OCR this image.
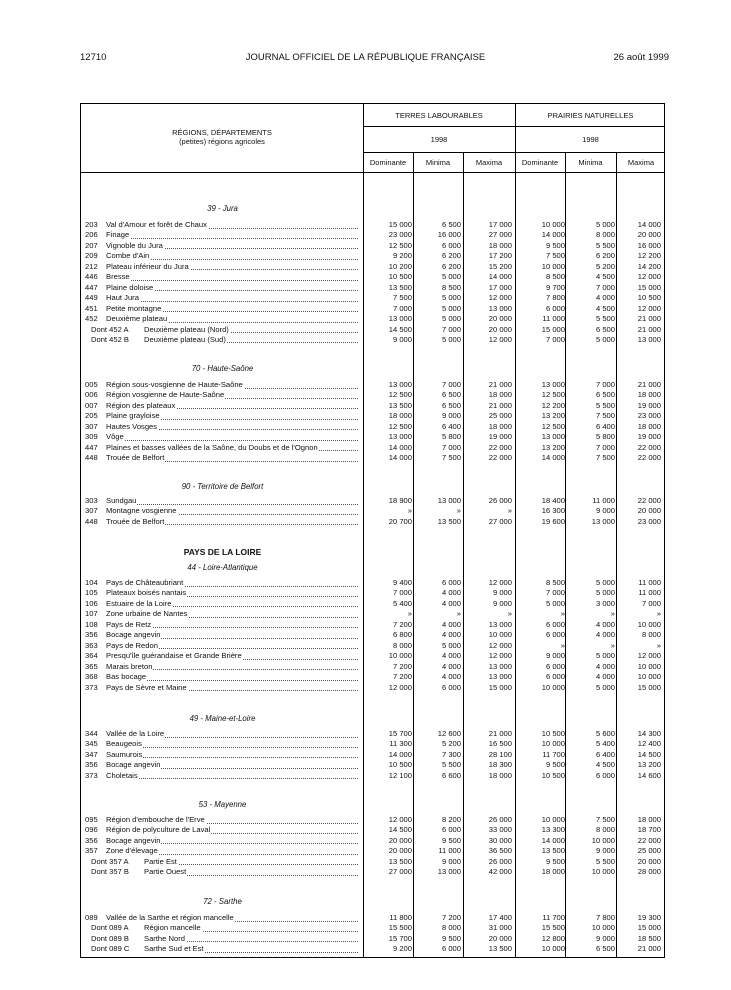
12710	JOURNAL OFFICIEL DE LA RÉPUBLIQUE FRANÇAISE	26 août 1999
RÉGIONS, DÉPARTEMENTS
(petites) régions agricoles
TERRES LABOURABLES	PRAIRIES NATURELLES
1998	1998
Dominante	Minima	Maxima	Dominante	Minima	Maxima
39 - Jura
203	Val d'Amour et forêt de Chaux	15 000	6 500	17 000	10 000	5 000	14 000
206	Finage	23 000	16 000	27 000	14 000	8 000	20 000
207	Vignoble du Jura	12 500	6 000	18 000	9 500	5 500	16 000
209	Combe d'Ain	9 200	6 200	17 200	7 500	6 200	12 200
212	Plateau inférieur du Jura	10 200	6 200	15 200	10 000	5 200	14 200
446	Bresse	10 500	5 000	14 000	8 500	4 500	12 000
447	Plaine doloise	13 500	8 500	17 000	9 700	7 000	15 000
449	Haut Jura	7 500	5 000	12 000	7 800	4 000	10 500
451	Petite montagne	7 000	5 000	13 000	6 000	4 500	12 000
452	Deuxième plateau	13 000	5 000	20 000	11 000	5 500	21 000
Dont 452 A	Deuxième plateau (Nord)	14 500	7 000	20 000	15 000	6 500	21 000
Dont 452 B	Deuxième plateau (Sud)	9 000	5 000	12 000	7 000	5 000	13 000
70 - Haute-Saône
005	Région sous-vosgienne de Haute-Saône	13 000	7 000	21 000	13 000	7 000	21 000
006	Région vosgienne de Haute-Saône	12 500	6 500	18 000	12 500	6 500	18 000
007	Région des plateaux	13 500	6 500	21 000	12 200	5 500	19 000
205	Plaine grayloise	18 000	9 000	25 000	13 200	7 500	23 000
307	Hautes Vosges	12 500	6 400	18 000	12 500	6 400	18 000
309	Vôge	13 000	5 800	19 000	13 000	5 800	19 000
447	Plaines et basses vallées de la Saône, du Doubs et de l'Ognon	14 000	7 000	22 000	13 200	7 000	22 000
448	Trouée de Belfort	14 000	7 500	22 000	14 000	7 500	22 000
90 - Territoire de Belfort
303	Sundgau	18 900	13 000	26 000	18 400	11 000	22 000
307	Montagne vosgienne	»	»	»	16 300	9 000	20 000
448	Trouée de Belfort	20 700	13 500	27 000	19 600	13 000	23 000
PAYS DE LA LOIRE
44 - Loire-Atlantique
104	Pays de Châteaubriant	9 400	6 000	12 000	8 500	5 000	11 000
105	Plateaux boisés nantais	7 000	4 000	9 000	7 000	5 000	11 000
106	Estuaire de la Loire	5 400	4 000	9 000	5 000	3 000	7 000
107	Zone urbaine de Nantes	»	»	»	»	»	»
108	Pays de Retz	7 200	4 000	13 000	6 000	4 000	10 000
356	Bocage angevin	6 800	4 000	10 000	6 000	4 000	8 000
363	Pays de Redon	8 000	5 000	12 000	»	»	»
364	Presqu'île guérandaise et Grande Brière	10 000	4 000	12 000	9 000	5 000	12 000
365	Marais breton	7 200	4 000	13 000	6 000	4 000	10 000
368	Bas bocage	7 200	4 000	13 000	6 000	4 000	10 000
373	Pays de Sèvre et Maine	12 000	6 000	15 000	10 000	5 000	15 000
49 - Maine-et-Loire
344	Vallée de la Loire	15 700	12 600	21 000	10 500	5 600	14 300
345	Beaugeois	11 300	5 200	16 500	10 000	5 400	12 400
347	Saumurois	14 000	7 300	28 100	11 700	6 400	14 500
356	Bocage angevin	10 500	5 500	18 300	9 500	4 500	13 200
373	Choletais	12 100	6 600	18 000	10 500	6 000	14 600
53 - Mayenne
095	Région d'embouche de l'Erve	12 000	8 200	26 000	10 000	7 500	18 000
096	Région de polyculture de Laval	14 500	6 000	33 000	13 300	8 000	18 700
356	Bocage angevin	20 000	9 500	30 000	14 000	10 000	22 000
357	Zone d'élevage	20 000	11 000	36 500	13 500	9 000	25 000
Dont 357 A	Partie Est	13 500	9 000	26 000	9 500	5 500	20 000
Dont 357 B	Partie Ouest	27 000	13 000	42 000	18 000	10 000	28 000
72 - Sarthe
089	Vallée de la Sarthe et région mancelle	11 800	7 200	17 400	11 700	7 800	19 300
Dont 089 A	Région mancelle	15 500	8 000	31 000	15 500	10 000	15 000
Dont 089 B	Sarthe Nord	15 700	9 500	20 000	12 800	9 000	18 500
Dont 089 C	Sarthe Sud et Est	9 200	6 000	13 500	10 000	6 500	21 000
